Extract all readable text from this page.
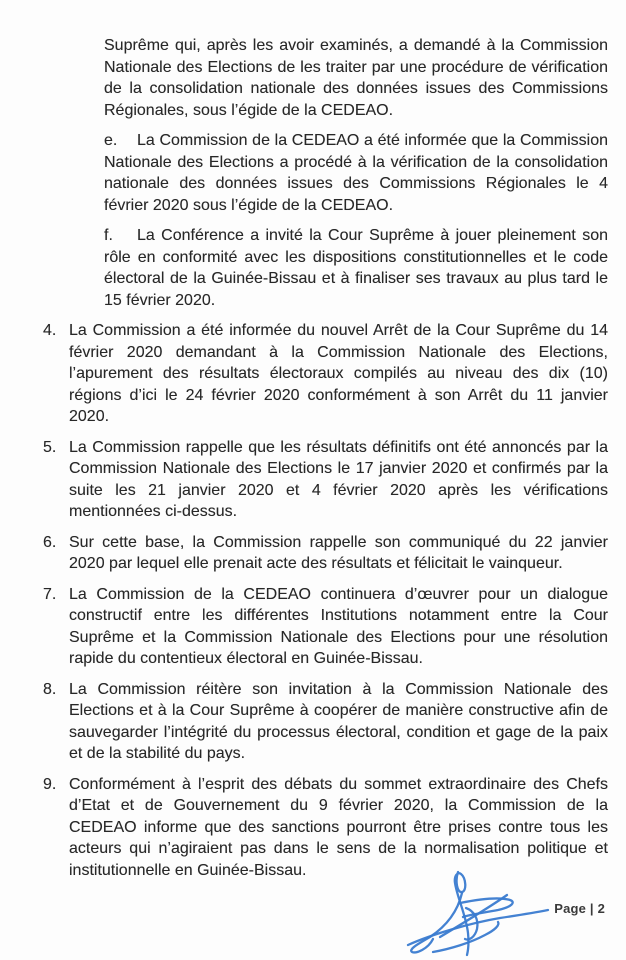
Suprême qui, après les avoir examinés, a demandé à la Commission Nationale des Elections de les traiter par une procédure de vérification de la consolidation nationale des données issues des Commissions Régionales, sous l’égide de la CEDEAO.

e. La Commission de la CEDEAO a été informée que la Commission Nationale des Elections a procédé à la vérification de la consolidation nationale des données issues des Commissions Régionales le 4 février 2020 sous l’égide de la CEDEAO.
f. La Conférence a invité la Cour Suprême à jouer pleinement son rôle en conformité avec les dispositions constitutionnelles et le code électoral de la Guinée-Bissau et à finaliser ses travaux au plus tard le 15 février 2020.
4. La Commission a été informée du nouvel Arrêt de la Cour Suprême du 14 février 2020 demandant à la Commission Nationale des Elections, l’apurement des résultats électoraux compilés au niveau des dix (10) régions d’ici le 24 février 2020 conformément à son Arrêt du 11 janvier 2020.
5. La Commission rappelle que les résultats définitifs ont été annoncés par la Commission Nationale des Elections le 17 janvier 2020 et confirmés par la suite les 21 janvier 2020 et 4 février 2020 après les vérifications mentionnées ci-dessus.
6. Sur cette base, la Commission rappelle son communiqué du 22 janvier 2020 par lequel elle prenait acte des résultats et félicitait le vainqueur.
7. La Commission de la CEDEAO continuera d’œuvrer pour un dialogue constructif entre les différentes Institutions notamment entre la Cour Suprême et la Commission Nationale des Elections pour une résolution rapide du contentieux électoral en Guinée-Bissau.
8. La Commission réitère son invitation à la Commission Nationale des Elections et à la Cour Suprême à coopérer de manière constructive afin de sauvegarder l’intégrité du processus électoral, condition et gage de la paix et de la stabilité du pays.
9. Conformément à l’esprit des débats du sommet extraordinaire des Chefs d’Etat et de Gouvernement du 9 février 2020, la Commission de la CEDEAO informe que des sanctions pourront être prises contre tous les acteurs qui n’agiraient pas dans le sens de la normalisation politique et institutionnelle en Guinée-Bissau.
Page | 2
